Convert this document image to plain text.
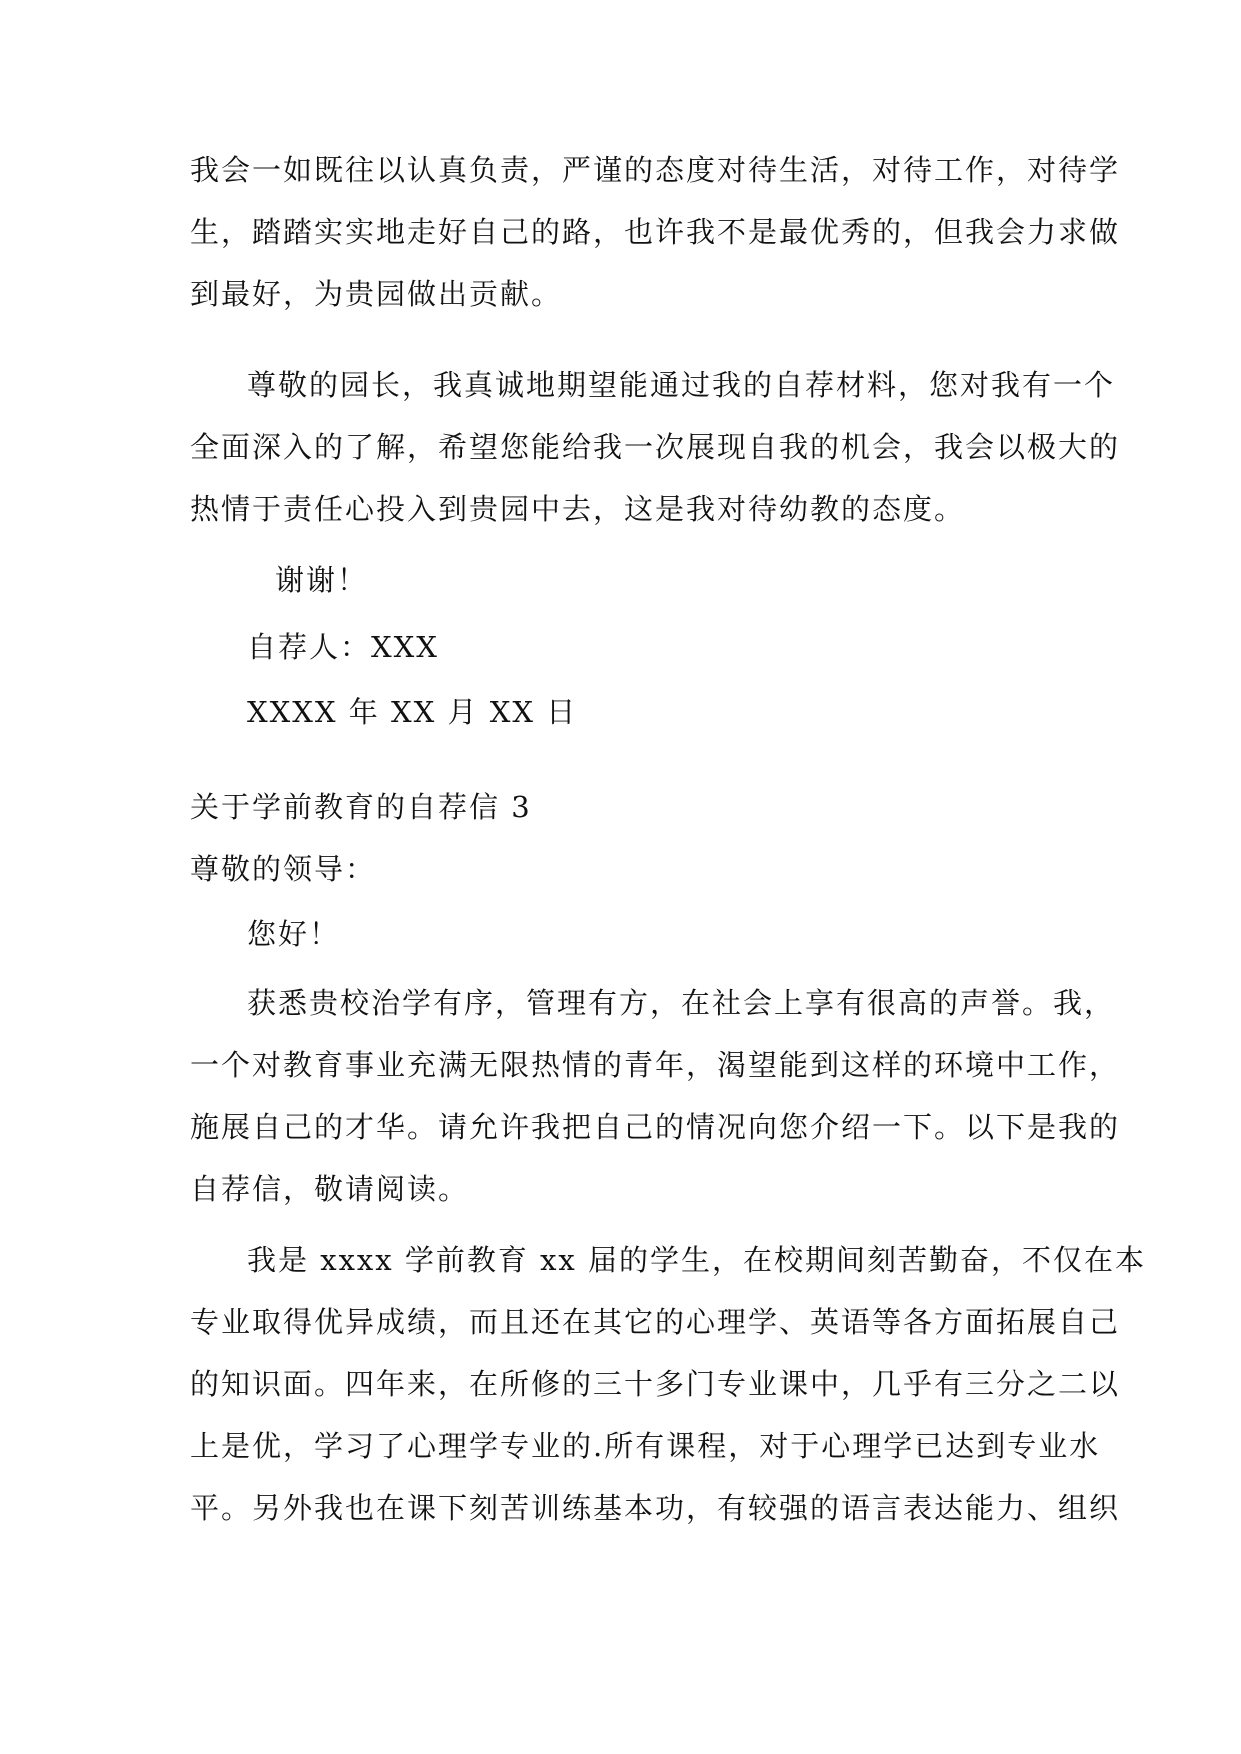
我会一如既往以认真负责，严谨的态度对待生活，对待工作，对待学
生，踏踏实实地走好自己的路，也许我不是最优秀的，但我会力求做
到最好，为贵园做出贡献。
尊敬的园长，我真诚地期望能通过我的自荐材料，您对我有一个
全面深入的了解，希望您能给我一次展现自我的机会，我会以极大的
热情于责任心投入到贵园中去，这是我对待幼教的态度。
谢谢！
自荐人：XXX
XXXX 年 XX 月 XX 日
关于学前教育的自荐信 3
尊敬的领导：
您好！
获悉贵校治学有序，管理有方，在社会上享有很高的声誉。我，
一个对教育事业充满无限热情的青年，渴望能到这样的环境中工作，
施展自己的才华。请允许我把自己的情况向您介绍一下。以下是我的
自荐信，敬请阅读。
我是 xxxx 学前教育 xx 届的学生，在校期间刻苦勤奋，不仅在本
专业取得优异成绩，而且还在其它的心理学、英语等各方面拓展自己
的知识面。四年来，在所修的三十多门专业课中，几乎有三分之二以
上是优，学习了心理学专业的.所有课程，对于心理学已达到专业水
平。另外我也在课下刻苦训练基本功，有较强的语言表达能力、组织
